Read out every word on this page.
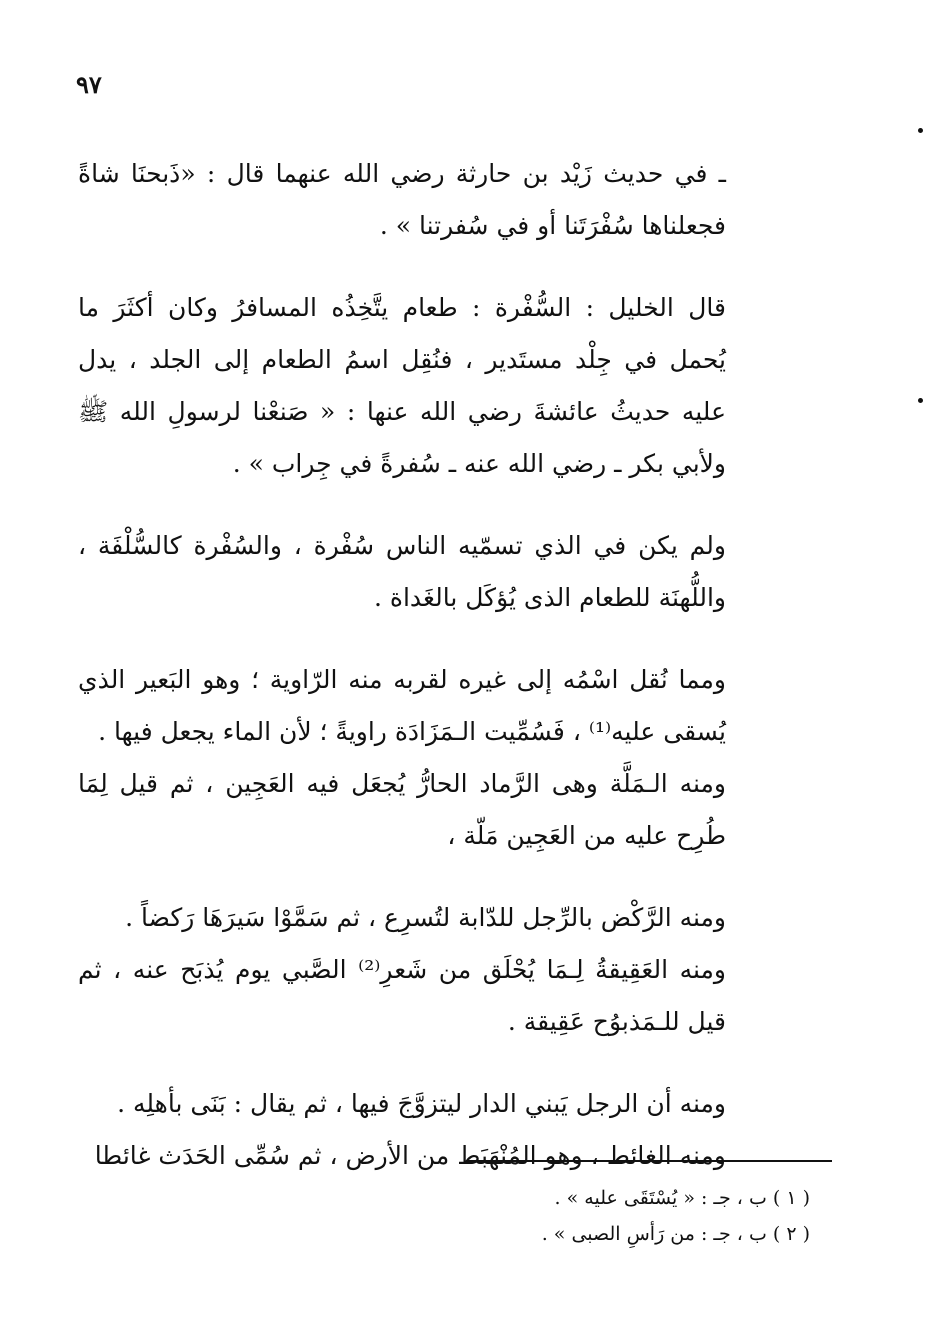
٩٧

ـ في حديث زَيْد بن حارثة رضي الله عنهما قال : «ذَبحنَا شاةً فجعلناها سُفْرَتَنا أو في سُفرتنا » .

قال الخليل : السُّفْرة : طعام يتَّخِذُه المسافرُ وكان أكثَرَ ما يُحمل في جِلْد مستَدير ، فنُقِل اسمُ الطعام إلى الجلد ، يدل عليه حديثُ عائشةَ رضي الله عنها : « صَنعْنا لرسولِ الله ﷺ ولأبي بكر ـ رضي الله عنه ـ سُفرةً في جِراب » .

ولم يكن في الذي تسمّيه الناس سُفْرة ، والسُفْرة كالسُّلْفَة ، واللُّهنَة للطعام الذى يُؤكَل بالغَداة .

ومما نُقل اسْمُه إلى غيره لقربه منه الرّاوية ؛ وهو البَعير الذي يُسقى عليه⁽¹⁾ ، فَسُمِّيت الـمَزَادَة راويةً ؛ لأن الماء يجعل فيها .

ومنه الـمَلَّة وهى الرَّماد الحارُّ يُجعَل فيه العَجِين ، ثم قيل لِمَا طُرِح عليه من العَجِين مَلّة ،

ومنه الرَّكْض بالرِّجل للدّابة لتُسرِع ، ثم سَمَّوْا سَيرَهَا رَكضاً .

ومنه العَقِيقةُ لِـمَا يُحْلَق من شَعرِ⁽²⁾ الصَّبي يوم يُذبَح عنه ، ثم قيل للـمَذبوُح عَقِيقة .

ومنه أن الرجل يَبني الدار ليتزوَّجَ فيها ، ثم يقال : بَنَى بأهلِه .

ومنه الغائط ، وهو المُنْهَبَط من الأرض ، ثم سُمِّى الحَدَث غائطا

( ١ ) ب ، جـ : « يُسْتَقَى عليه » .

( ٢ ) ب ، جـ : من رَأسِ الصبى » .
